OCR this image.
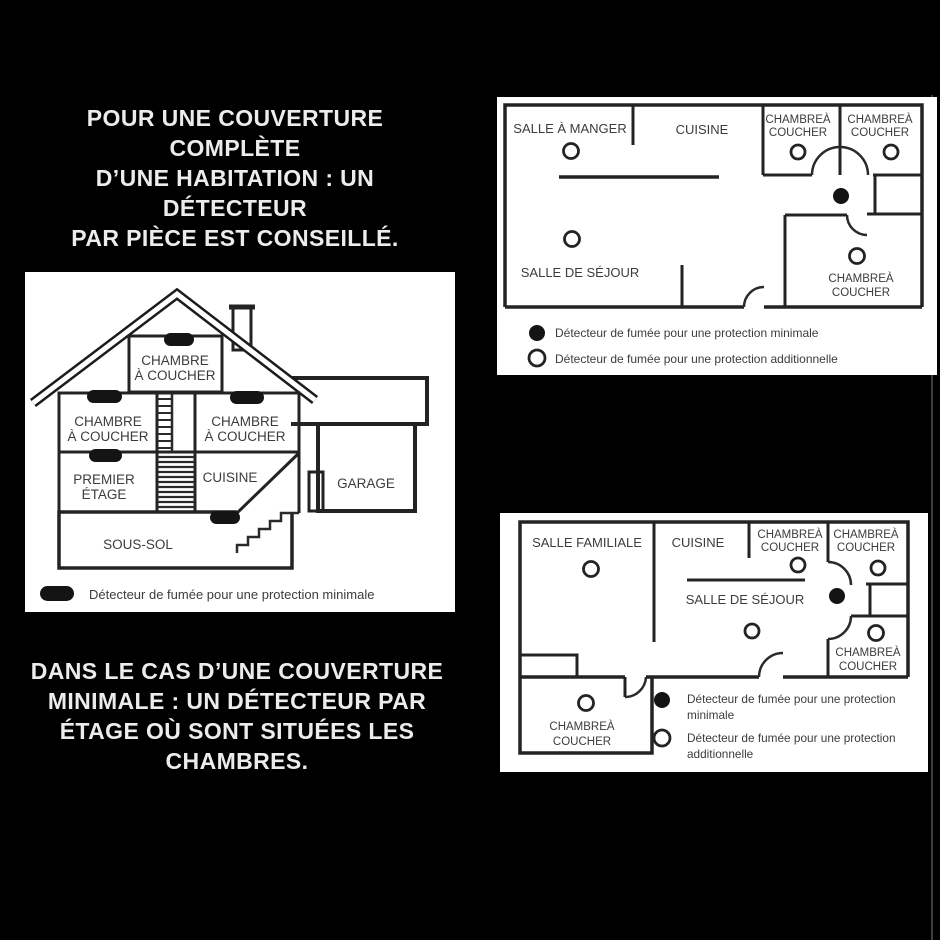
POUR UNE COUVERTURE COMPLÈTE
D’UNE HABITATION : UN DÉTECTEUR
PAR PIÈCE EST CONSEILLÉ.
CHAMBRE
À COUCHER
CHAMBRE
À COUCHER
CHAMBRE
À COUCHER
PREMIER
ÉTAGE
CUISINE
SOUS-SOL
GARAGE
Détecteur de fumée pour une protection minimale
SALLE À MANGER	CUISINE
CHAMBREÀ
COUCHER
CHAMBREÀ
COUCHER
SALLE DE SÉJOUR	CHAMBREÀ
COUCHER
Détecteur de fumée pour une protection minimale
Détecteur de fumée pour une protection additionnelle
SALLE FAMILIALE CUISINE	CHAMBREÀ
COUCHER
CHAMBREÀ
COUCHER
SALLE DE SÉJOUR
CHAMBREÀ
COUCHER
CHAMBREÀ
COUCHER
Détecteur de fumée pour une protection
minimale
Détecteur de fumée pour une protection
additionnelle
DANS LE CAS D’UNE COUVERTURE
MINIMALE : UN DÉTECTEUR PAR
ÉTAGE OÙ SONT SITUÉES LES
CHAMBRES.
